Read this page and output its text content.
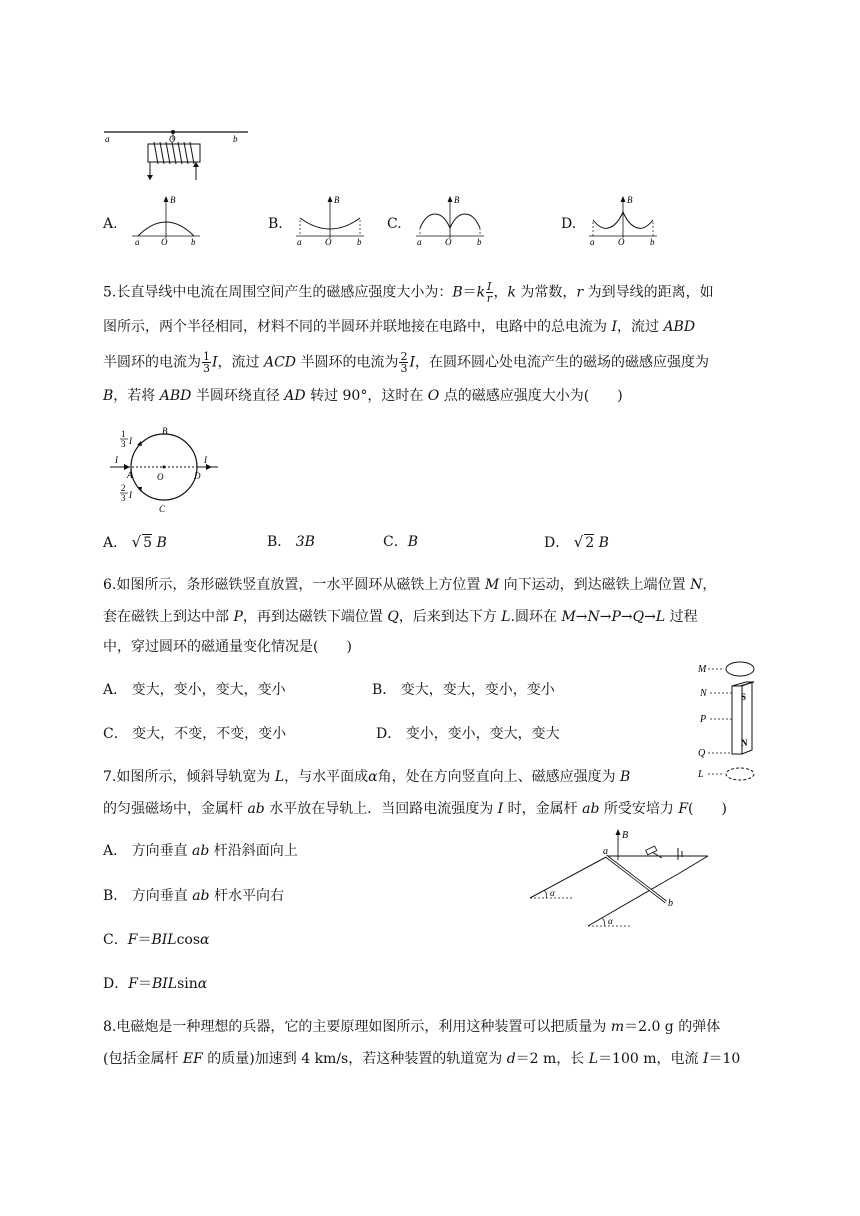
a	O	b
A.
B
a O	b
B.
B
a	O	b
C.
B
a	O	b
D.
B
a	O	b
5.长直导线中电流在周围空间产生的磁感应强度大小为：$B=k \frac{I}{r}$ ，k 为常数，r 为到导线的距离，如
图所示，两个半径相同，材料不同的半圆环并联地接在电路中，电路中的总电流为 I，流过 ABD
半圆环的电流为 $\frac{1}{3}$ I，流过 ACD 半圆环的电流为 $\frac{2}{3}$ I，在圆环圆心处电流产生的磁场的磁感应强度为
B，若将 ABD 半圆环绕直径 AD 转过 90°，这时在 O 点的磁感应强度大小为(　　)
1
3 I
B
I
A	O	D
I
2
3 I
C
A． √ 5 B	B． 3B	C．B	D． √ 2 B
6.如图所示，条形磁铁竖直放置，一水平圆环从磁铁上方位置 M 向下运动，到达磁铁上端位置 N，
套在磁铁上到达中部 P，再到达磁铁下端位置 Q，后来到达下方 L.圆环在 M→N→P→Q→L 过程
中，穿过圆环的磁通量变化情况是(　　)
A． 变大，变小，变大，变小	B． 变大，变大，变小，变小
C． 变大，不变，不变，变小	D． 变小，变小，变大，变大
M
N
P
Q
S
N
L
7.如图所示，倾斜导轨宽为 L，与水平面成α角，处在方向竖直向上、磁感应强度为 B
的匀强磁场中，金属杆 ab 水平放在导轨上．当回路电流强度为 I 时，金属杆 ab 所受安培力 F(　　)
A． 方向垂直 ab 杆沿斜面向上
B． 方向垂直 ab 杆水平向右
C．F＝BILcosα
D．F＝BILsinα
B
a
b
α
α
8.电磁炮是一种理想的兵器，它的主要原理如图所示，利用这种装置可以把质量为 m＝2.0 g 的弹体
(包括金属杆 EF 的质量)加速到 4 km/s，若这种装置的轨道宽为 d＝2 m，长 L＝100 m，电流 I＝10
